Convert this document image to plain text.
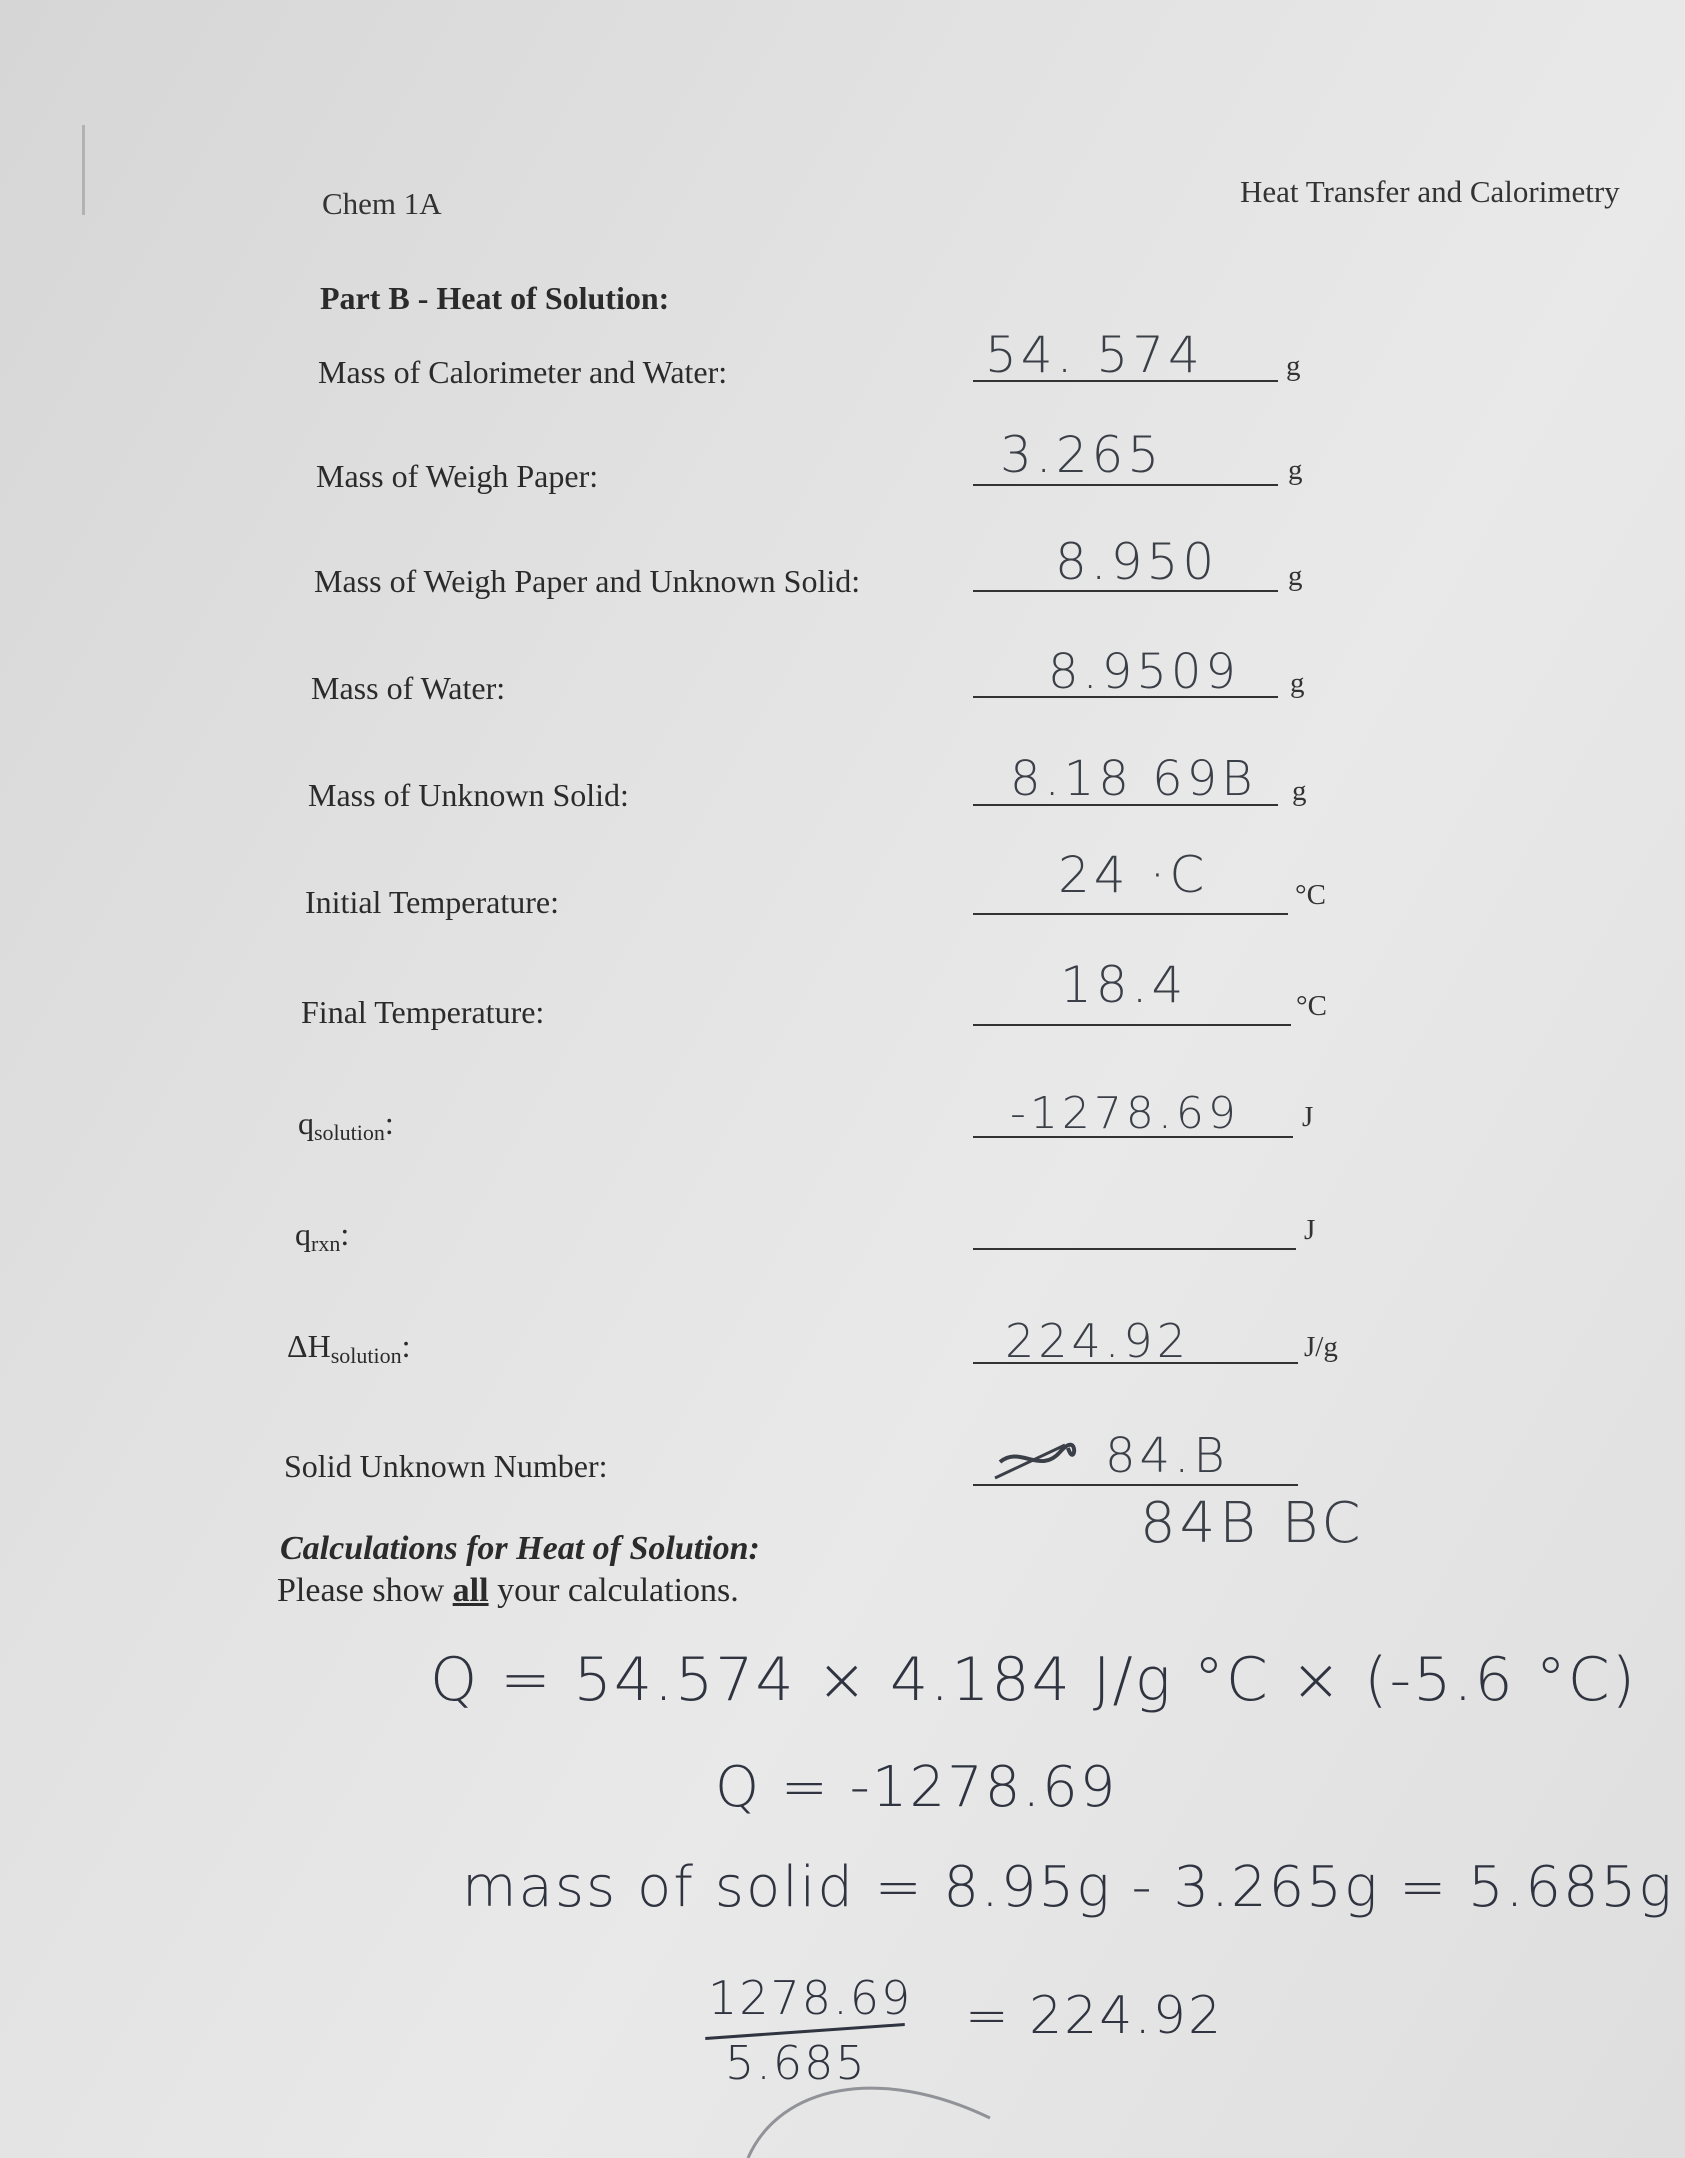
Chem 1A	Heat Transfer and Calorimetry
Part B - Heat of Solution:
Mass of Calorimeter and Water:	54. 574	g
Mass of Weigh Paper:	3.265	g
Mass of Weigh Paper and Unknown Solid:	8.950 g
Mass of Water:	8.9509 g
Mass of Unknown Solid:	8.18 69B g
Initial Temperature:	24 ·C	°C
Final Temperature:	18.4	°C
$q_{solution}$:	-1278.69 J
$q_{rxn}$:	J
$\Delta H_{solution}$:	224.92	J/g
Solid Unknown Number:	84.B
84B BC
Calculations for Heat of Solution:
Please show all your calculations.
Q = 54.574 × 4.184 J/g °C × (-5.6 °C)
Q = -1278.69
mass of solid = 8.95g - 3.265g = 5.685g
1278.69
5.685
= 224.92
